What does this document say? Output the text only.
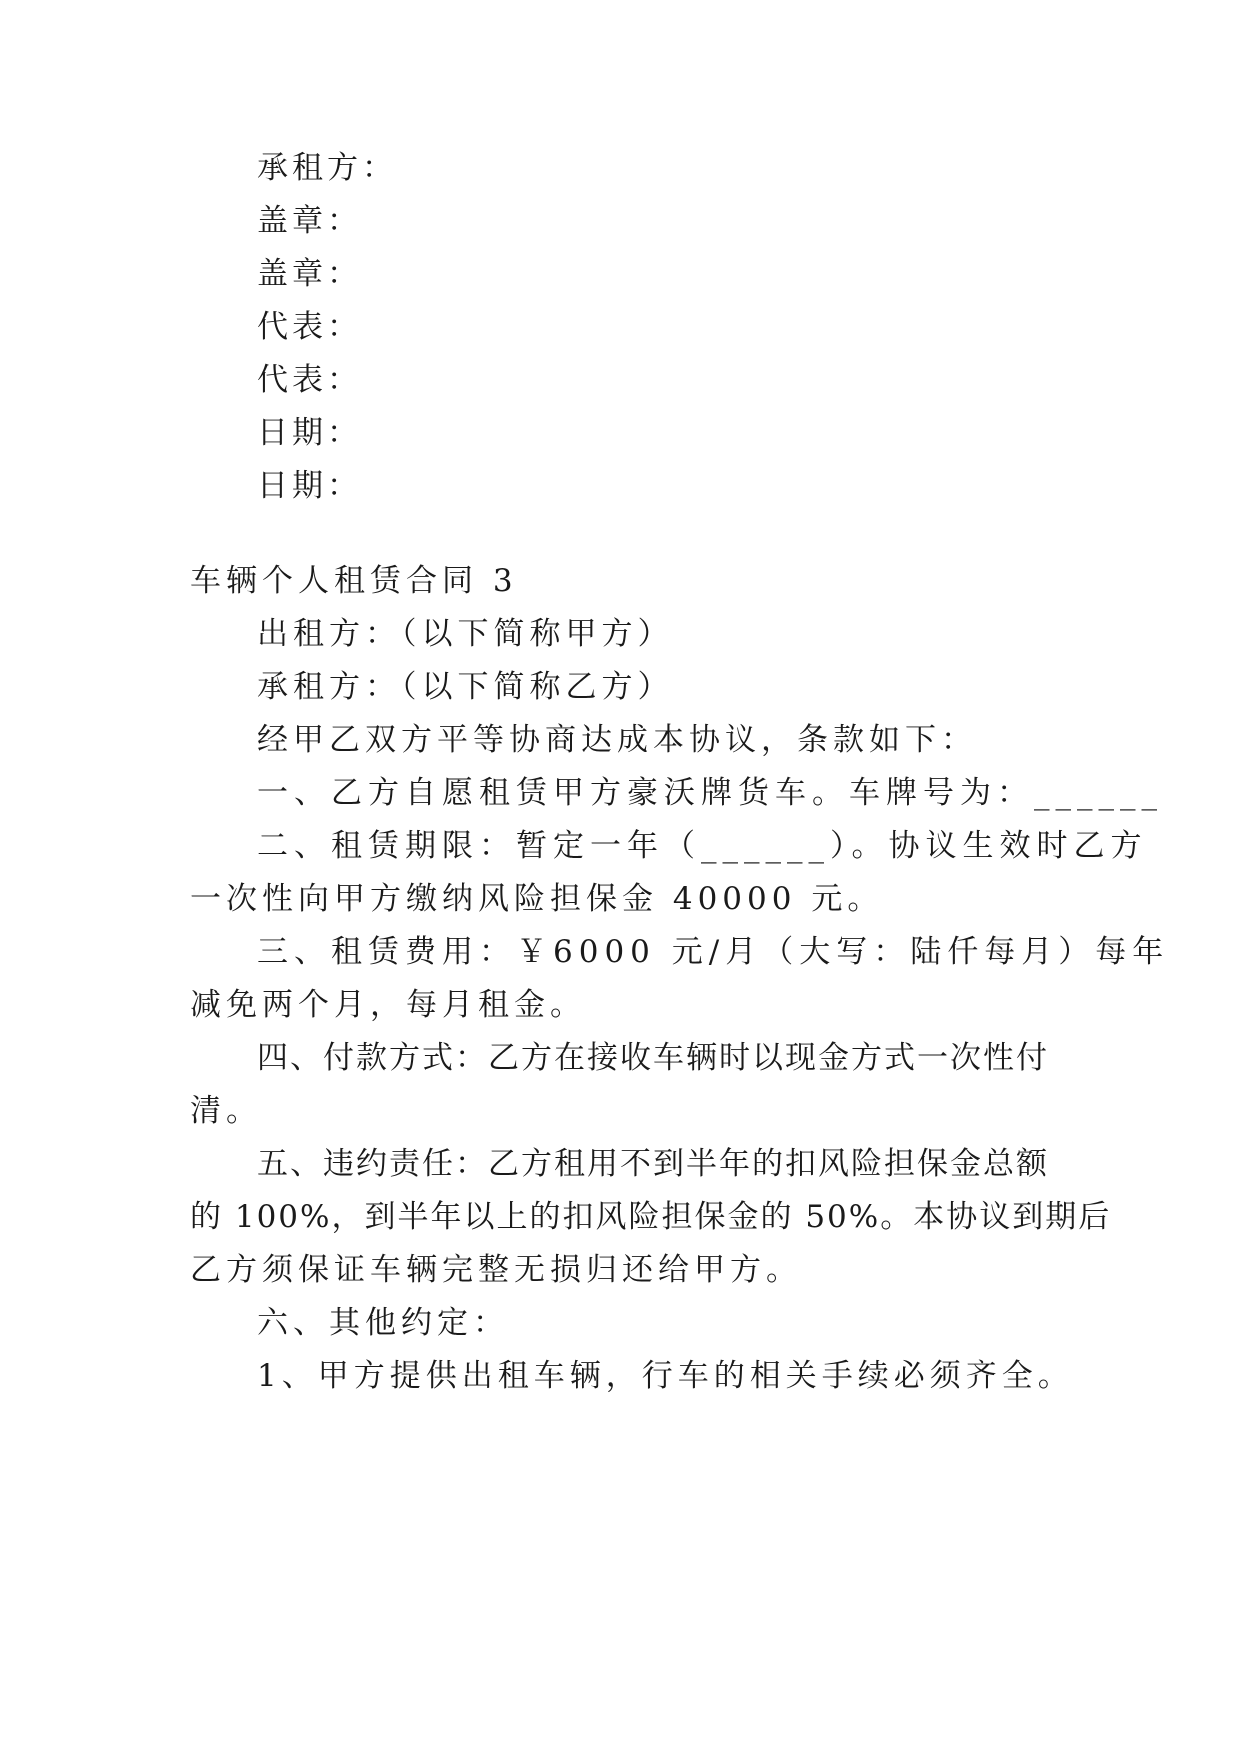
承租方：
盖章：
盖章：
代表：
代表：
日期：
日期：
车辆个人租赁合同 3
出租方：（以下简称甲方）
承租方：（以下简称乙方）
经甲乙双方平等协商达成本协议，条款如下：
一、乙方自愿租赁甲方豪沃牌货车。车牌号为：______
二、租赁期限：暂定一年（______）。协议生效时乙方
一次性向甲方缴纳风险担保金 40000 元。
三、租赁费用：￥6000 元/月（大写：陆仟每月）每年
减免两个月，每月租金。
四、付款方式：乙方在接收车辆时以现金方式一次性付
清。
五、违约责任：乙方租用不到半年的扣风险担保金总额
的 100%，到半年以上的扣风险担保金的 50%。本协议到期后
乙方须保证车辆完整无损归还给甲方。
六、其他约定：
1、甲方提供出租车辆，行车的相关手续必须齐全。
